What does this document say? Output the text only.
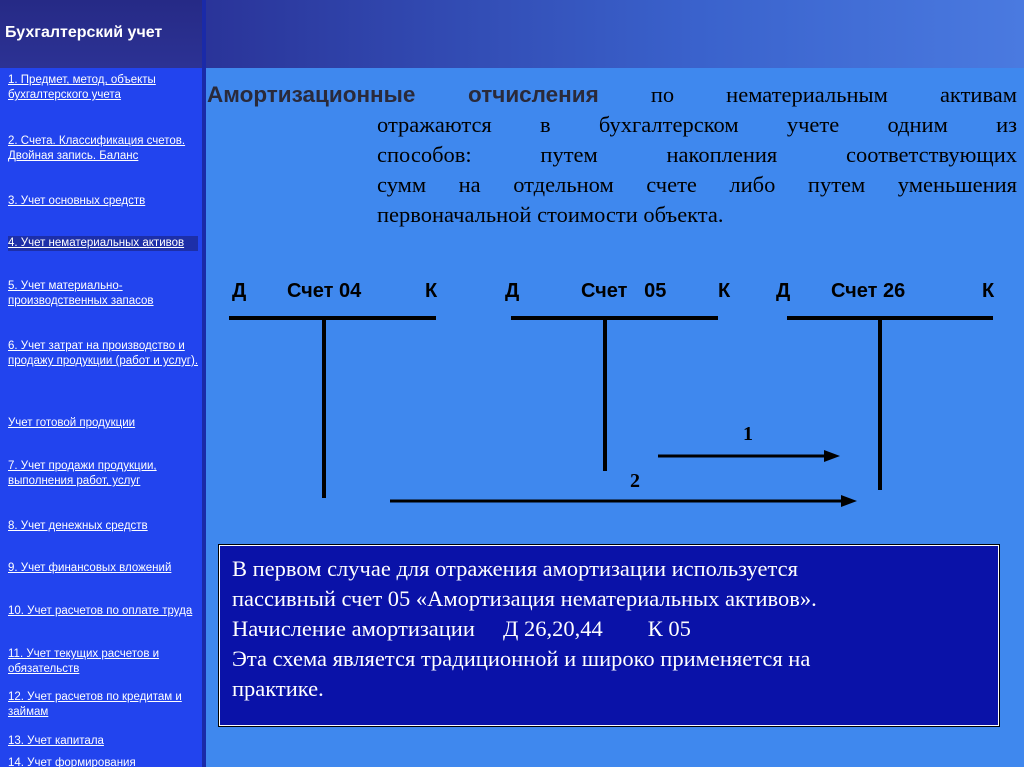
Бухгалтерский учет
1. Предмет, метод, объекты бухгалтерского учета
2. Счета. Классификация счетов. Двойная запись. Баланс
3. Учет основных средств
4. Учет нематериальных активов
5. Учет материально-производственных запасов
6. Учет затрат на производство и продажу продукции (работ и услуг).
Учет готовой продукции
7. Учет продажи продукции, выполнения работ, услуг
8. Учет денежных средств
9. Учет финансовых вложений
10. Учет расчетов по оплате труда
11. Учет текущих расчетов и обязательств
12. Учет расчетов по кредитам и займам
13. Учет капитала
14. Учет формирования
Амортизационные отчисления по нематериальным активам
отражаются в бухгалтерском учете одним из
способов: путем накопления соответствующих
сумм на отдельном счете либо путем уменьшения
первоначальной стоимости объекта.
Д Счет 04	К	Д	Счет   05	К Д Счет 26	К
1
2
В первом случае для отражения амортизации используется
пассивный счет 05 «Амортизация нематериальных активов».
Начисление амортизации     Д 26,20,44        К 05
Эта схема является традиционной и широко применяется на
практике.
